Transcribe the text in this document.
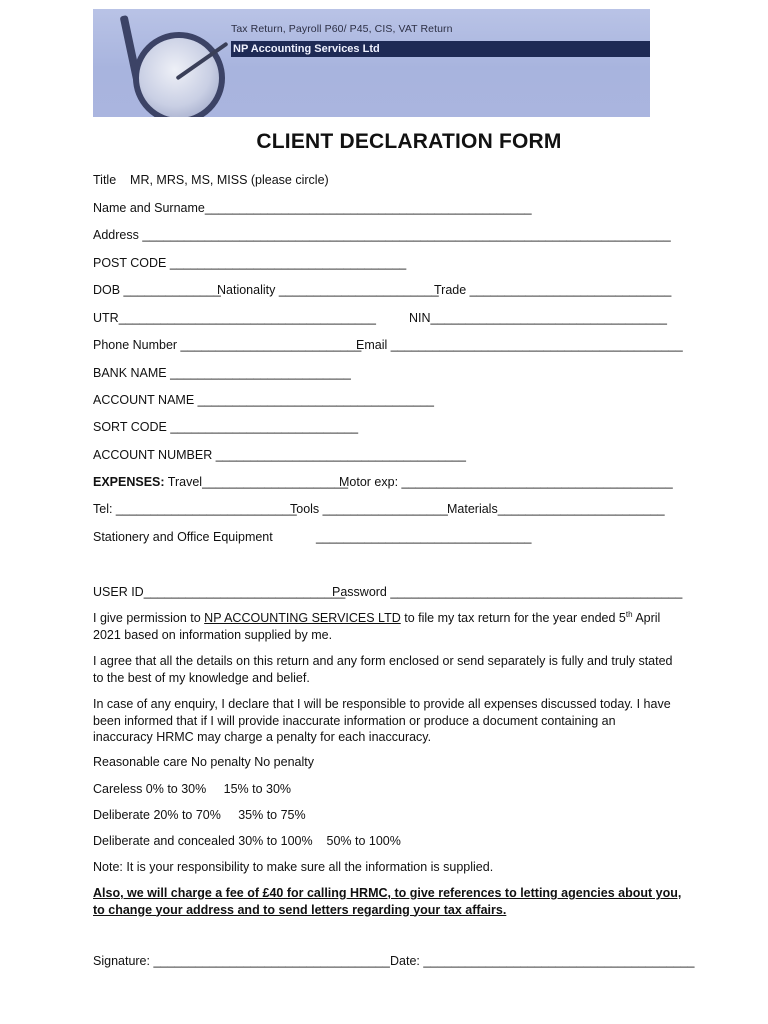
Tax Return, Payroll P60/ P45, CIS, VAT Return
NP Accounting Services Ltd
CLIENT DECLARATION FORM
Title    MR, MRS, MS, MISS (please circle)
Name and Surname_______________________________________________
Address ____________________________________________________________________________
POST CODE __________________________________
DOB ______________
Nationality _______________________
Trade _____________________________
UTR_____________________________________	NIN__________________________________
Phone Number __________________________
Email __________________________________________
BANK NAME __________________________
ACCOUNT NAME __________________________________
SORT CODE ___________________________
ACCOUNT NUMBER ____________________________________
EXPENSES: Travel_____________________
Motor exp: _______________________________________
Tel: __________________________
Tools __________________ Materials________________________
Stationery and Office Equipment	_______________________________
USER ID_____________________________
Password __________________________________________
I give permission to NP ACCOUNTING SERVICES LTD to file my tax return for the year ended 5th April 2021 based on information supplied by me.
I agree that all the details on this return and any form enclosed or send separately is fully and truly stated to the best of my knowledge and belief.
In case of any enquiry, I declare that I will be responsible to provide all expenses discussed today. I have been informed that if I will provide inaccurate information or produce a document containing an inaccuracy HRMC may charge a penalty for each inaccuracy.
Reasonable care No penalty No penalty
Careless 0% to 30%     15% to 30%
Deliberate 20% to 70%     35% to 75%
Deliberate and concealed 30% to 100%    50% to 100%
Note: It is your responsibility to make sure all the information is supplied.
Also, we will charge a fee of £40 for calling HRMC, to give references to letting agencies about you, to change your address and to send letters regarding your tax affairs.
Signature: __________________________________ Date: _______________________________________
